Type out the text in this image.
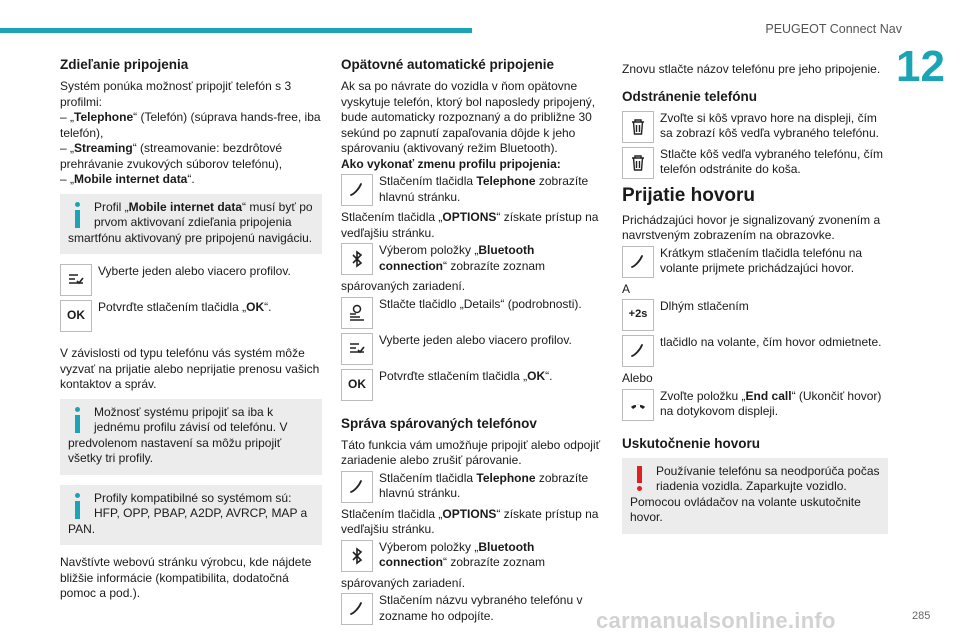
PEUGEOT Connect Nav
12
285
carmanualsonline.info
Zdieľanie pripojenia

Systém ponúka možnosť pripojiť telefón s 3 profilmi:

– „Telephone“ (Telefón) (súprava hands-free, iba telefón),

– „Streaming“ (streamovanie: bezdrôtové prehrávanie zvukových súborov telefónu),

– „Mobile internet data“.

Profil „Mobile internet data“ musí byť po prvom aktivovaní zdieľania pripojenia smartfónu aktivovaný pre pripojenú navigáciu.
Vyberte jeden alebo viacero profilov.
OK
Potvrďte stlačením tlačidla „OK“.

V závislosti od typu telefónu vás systém môže vyzvať na prijatie alebo neprijatie prenosu vašich kontaktov a správ.

Možnosť systému pripojiť sa iba k jednému profilu závisí od telefónu. V predvolenom nastavení sa môžu pripojiť všetky tri profily.
Profily kompatibilné so systémom sú: HFP, OPP, PBAP, A2DP, AVRCP, MAP a PAN.

Navštívte webovú stránku výrobcu, kde nájdete bližšie informácie (kompatibilita, dodatočná pomoc a pod.).

Opätovné automatické pripojenie

Ak sa po návrate do vozidla v ňom opätovne vyskytuje telefón, ktorý bol naposledy pripojený, bude automaticky rozpoznaný a do približne 30 sekúnd po zapnutí zapaľovania dôjde k jeho spárovaniu (aktivovaný režim Bluetooth).

Ako vykonať zmenu profilu pripojenia:

Stlačením tlačidla Telephone zobrazíte hlavnú stránku.

Stlačením tlačidla „OPTIONS“ získate prístup na vedľajšiu stránku.

Výberom položky „Bluetooth connection“ zobrazíte zoznam

spárovaných zariadení.

Stlačte tlačidlo „Details“ (podrobnosti).
Vyberte jeden alebo viacero profilov.
OK
Potvrďte stlačením tlačidla „OK“.
Správa spárovaných telefónov

Táto funkcia vám umožňuje pripojiť alebo odpojiť zariadenie alebo zrušiť párovanie.

Stlačením tlačidla Telephone zobrazíte hlavnú stránku.

Stlačením tlačidla „OPTIONS“ získate prístup na vedľajšiu stránku.

Výberom položky „Bluetooth connection“ zobrazíte zoznam

spárovaných zariadení.

Stlačením názvu vybraného telefónu v zozname ho odpojíte.

Znovu stlačte názov telefónu pre jeho pripojenie.

Odstránenie telefónu
Zvoľte si kôš vpravo hore na displeji, čím sa zobrazí kôš vedľa vybraného telefónu.
Stlačte kôš vedľa vybraného telefónu, čím telefón odstránite do koša.
Prijatie hovoru

Prichádzajúci hovor je signalizovaný zvonením a navrstveným zobrazením na obrazovke.

Krátkym stlačením tlačidla telefónu na volante prijmete prichádzajúci hovor.

A

+2s
Dlhým stlačením
tlačidlo na volante, čím hovor odmietnete.

Alebo

Zvoľte položku „End call“ (Ukončiť hovor) na dotykovom displeji.
Uskutočnenie hovoru
Používanie telefónu sa neodporúča počas riadenia vozidla. Zaparkujte vozidlo. Pomocou ovládačov na volante uskutočnite hovor.
